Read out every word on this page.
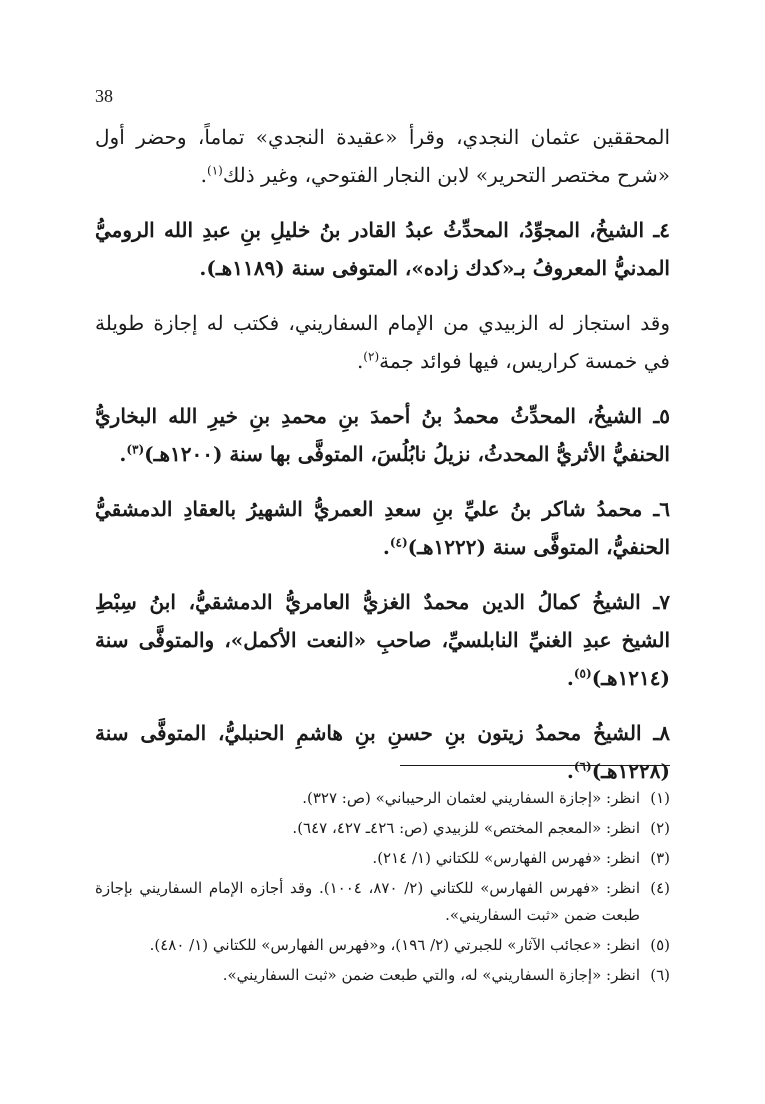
38

المحققين عثمان النجدي، وقرأ «عقيدة النجدي» تماماً، وحضر أول «شرح مختصر التحرير» لابن النجار الفتوحي، وغير ذلك$^{(١)}$.

٤ـ الشيخُ، المجوِّدُ، المحدِّثُ عبدُ القادر بنُ خليلِ بنِ عبدِ الله الروميُّ المدنيُّ المعروفُ بـ«كدك زاده»، المتوفى سنة (١١٨٩هـ).

وقد استجاز له الزبيدي من الإمام السفاريني، فكتب له إجازة طويلة في خمسة كراريس، فيها فوائد جمة$^{(٢)}$.

٥ـ الشيخُ، المحدِّثُ محمدُ بنُ أحمدَ بنِ محمدِ بنِ خيرِ الله البخاريُّ الحنفيُّ الأثريُّ المحدثُ، نزيلُ نابُلُسَ، المتوفَّى بها سنة (١٢٠٠هـ)$^{(٣)}$.

٦ـ محمدُ شاكر بنُ عليِّ بنِ سعدِ العمريُّ الشهيرُ بالعقادِ الدمشقيُّ الحنفيُّ، المتوفَّى سنة (١٢٢٢هـ)$^{(٤)}$.

٧ـ الشيخُ كمالُ الدين محمدٌ الغزيُّ العامريُّ الدمشقيُّ، ابنُ سِبْطِ الشيخ عبدِ الغنيِّ النابلسيِّ، صاحبِ «النعت الأكمل»، والمتوفَّى سنة (١٢١٤هـ)$^{(٥)}$.

٨ـ الشيخُ محمدُ زيتون بنِ حسنِ بنِ هاشمِ الحنبليُّ، المتوفَّى سنة (١٢٢٨هـ)$^{(٦)}$.

(١)
انظر: «إجازة السفاريني لعثمان الرحيباني» (ص: ٣٢٧).
(٢)
انظر: «المعجم المختص» للزبيدي (ص: ٤٢٦ـ ٤٢٧، ٦٤٧).
(٣)
انظر: «فهرس الفهارس» للكتاني (١/ ٢١٤).
(٤)
انظر: «فهرس الفهارس» للكتاني (٢/ ٨٧٠، ١٠٠٤). وقد أجازه الإمام السفاريني بإجازة طبعت ضمن «ثبت السفاريني».
(٥)
انظر: «عجائب الآثار» للجبرتي (٢/ ١٩٦)، و«فهرس الفهارس» للكتاني (١/ ٤٨٠).
(٦)
انظر: «إجازة السفاريني» له، والتي طبعت ضمن «ثبت السفاريني».
